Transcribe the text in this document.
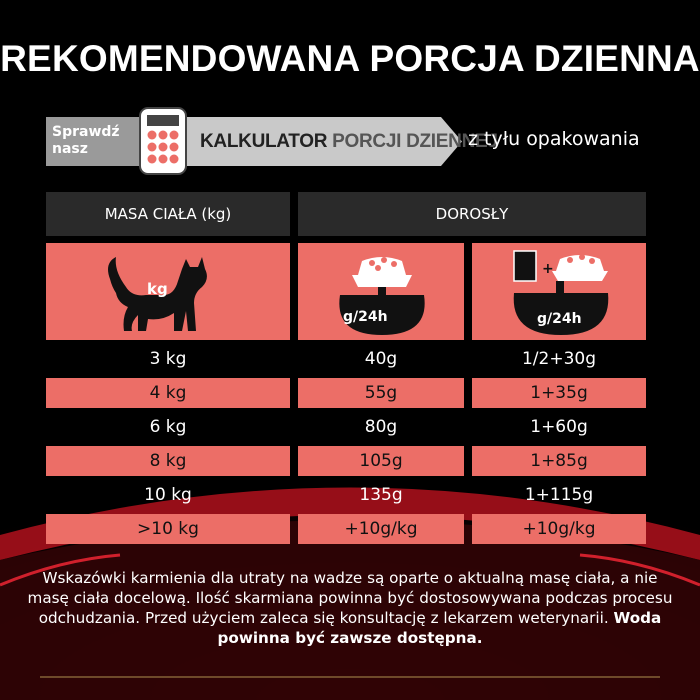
REKOMENDOWANA PORCJA DZIENNA
Sprawdź
nasz	KALKULATOR PORCJI DZIENNEJ
z tyłu opakowania
MASA CIAŁA (kg)	DOROSŁY
kg
g/24h
+
g/24h
3 kg	40g	1/2+30g
4 kg	55g	1+35g
6 kg	80g	1+60g
8 kg	105g	1+85g
10 kg	135g	1+115g
>10 kg	+10g/kg	+10g/kg
Wskazówki karmienia dla utraty na wadze są oparte o aktualną masę ciała, a nie masę ciała docelową. Ilość skarmiana powinna być dostosowywana podczas procesu odchudzania. Przed użyciem zaleca się konsultację z lekarzem weterynarii. Woda powinna być zawsze dostępna.
